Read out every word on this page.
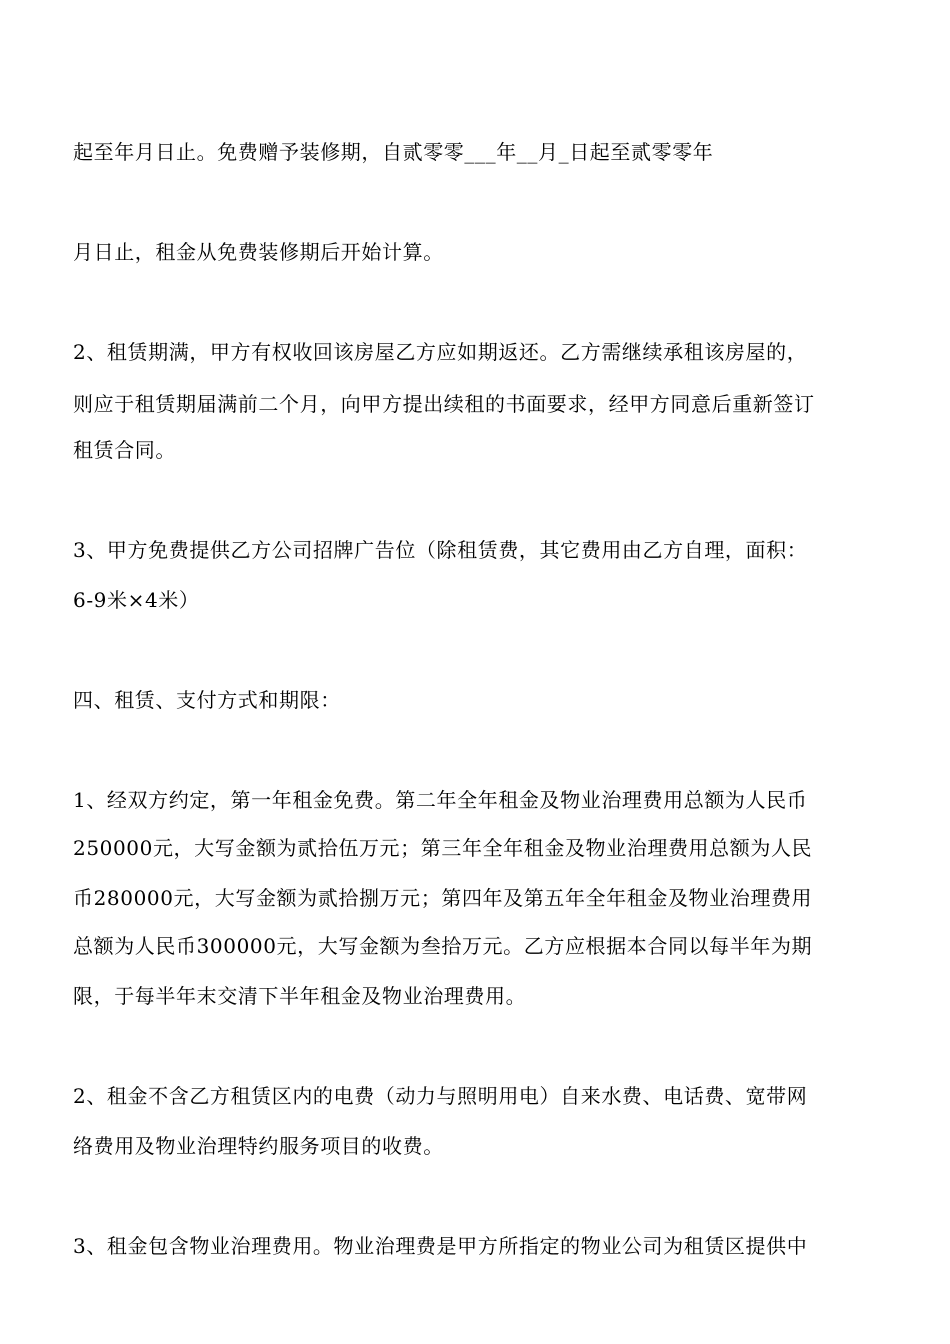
起至年月日止。免费赠予装修期，自贰零零___年__月_日起至贰零零年
月日止，租金从免费装修期后开始计算。
2、租赁期满，甲方有权收回该房屋乙方应如期返还。乙方需继续承租该房屋的，
则应于租赁期届满前二个月，向甲方提出续租的书面要求，经甲方同意后重新签订
租赁合同。
3、甲方免费提供乙方公司招牌广告位（除租赁费，其它费用由乙方自理，面积：
6-9米×4米）
四、租赁、支付方式和期限：
1、经双方约定，第一年租金免费。第二年全年租金及物业治理费用总额为人民币
250000元，大写金额为贰拾伍万元；第三年全年租金及物业治理费用总额为人民
币280000元，大写金额为贰拾捌万元；第四年及第五年全年租金及物业治理费用
总额为人民币300000元，大写金额为叁拾万元。乙方应根据本合同以每半年为期
限，于每半年末交清下半年租金及物业治理费用。
2、租金不含乙方租赁区内的电费（动力与照明用电）自来水费、电话费、宽带网
络费用及物业治理特约服务项目的收费。
3、租金包含物业治理费用。物业治理费是甲方所指定的物业公司为租赁区提供中
